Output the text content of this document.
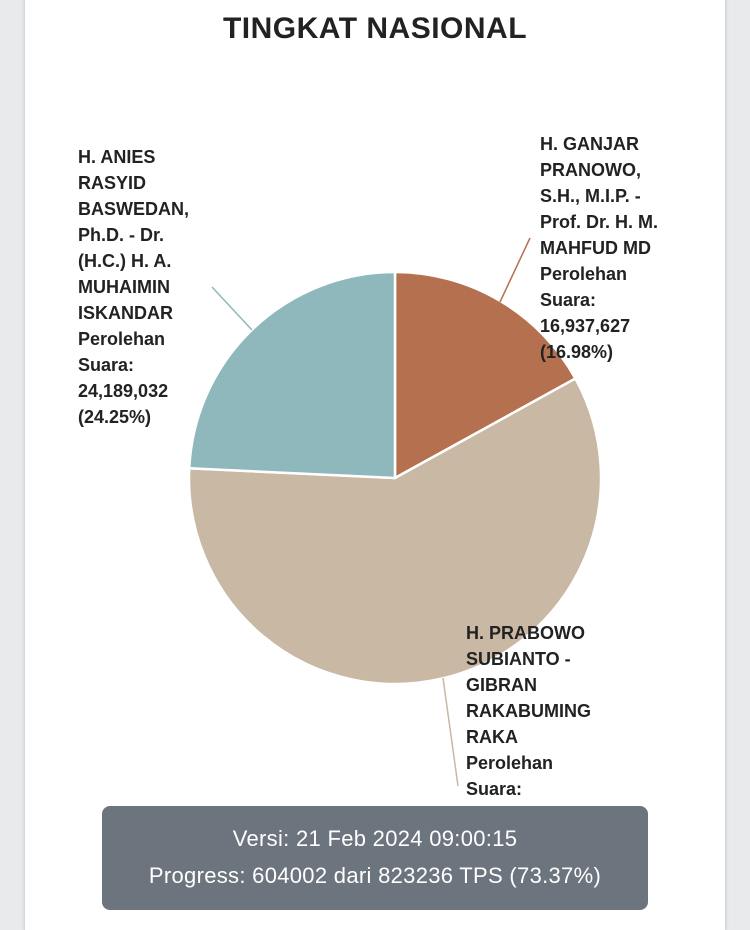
TINGKAT NASIONAL
H. ANIES
RASYID
BASWEDAN,
Ph.D. - Dr.
(H.C.) H. A.
MUHAIMIN
ISKANDAR
Perolehan
Suara:
24,189,032
(24.25%)
H. GANJAR
PRANOWO,
S.H., M.I.P. -
Prof. Dr. H. M.
MAHFUD MD
Perolehan
Suara:
16,937,627
(16.98%)
H. PRABOWO
SUBIANTO -
GIBRAN
RAKABUMING
RAKA
Perolehan
Suara:
Versi: 21 Feb 2024 09:00:15
Progress: 604002 dari 823236 TPS (73.37%)
